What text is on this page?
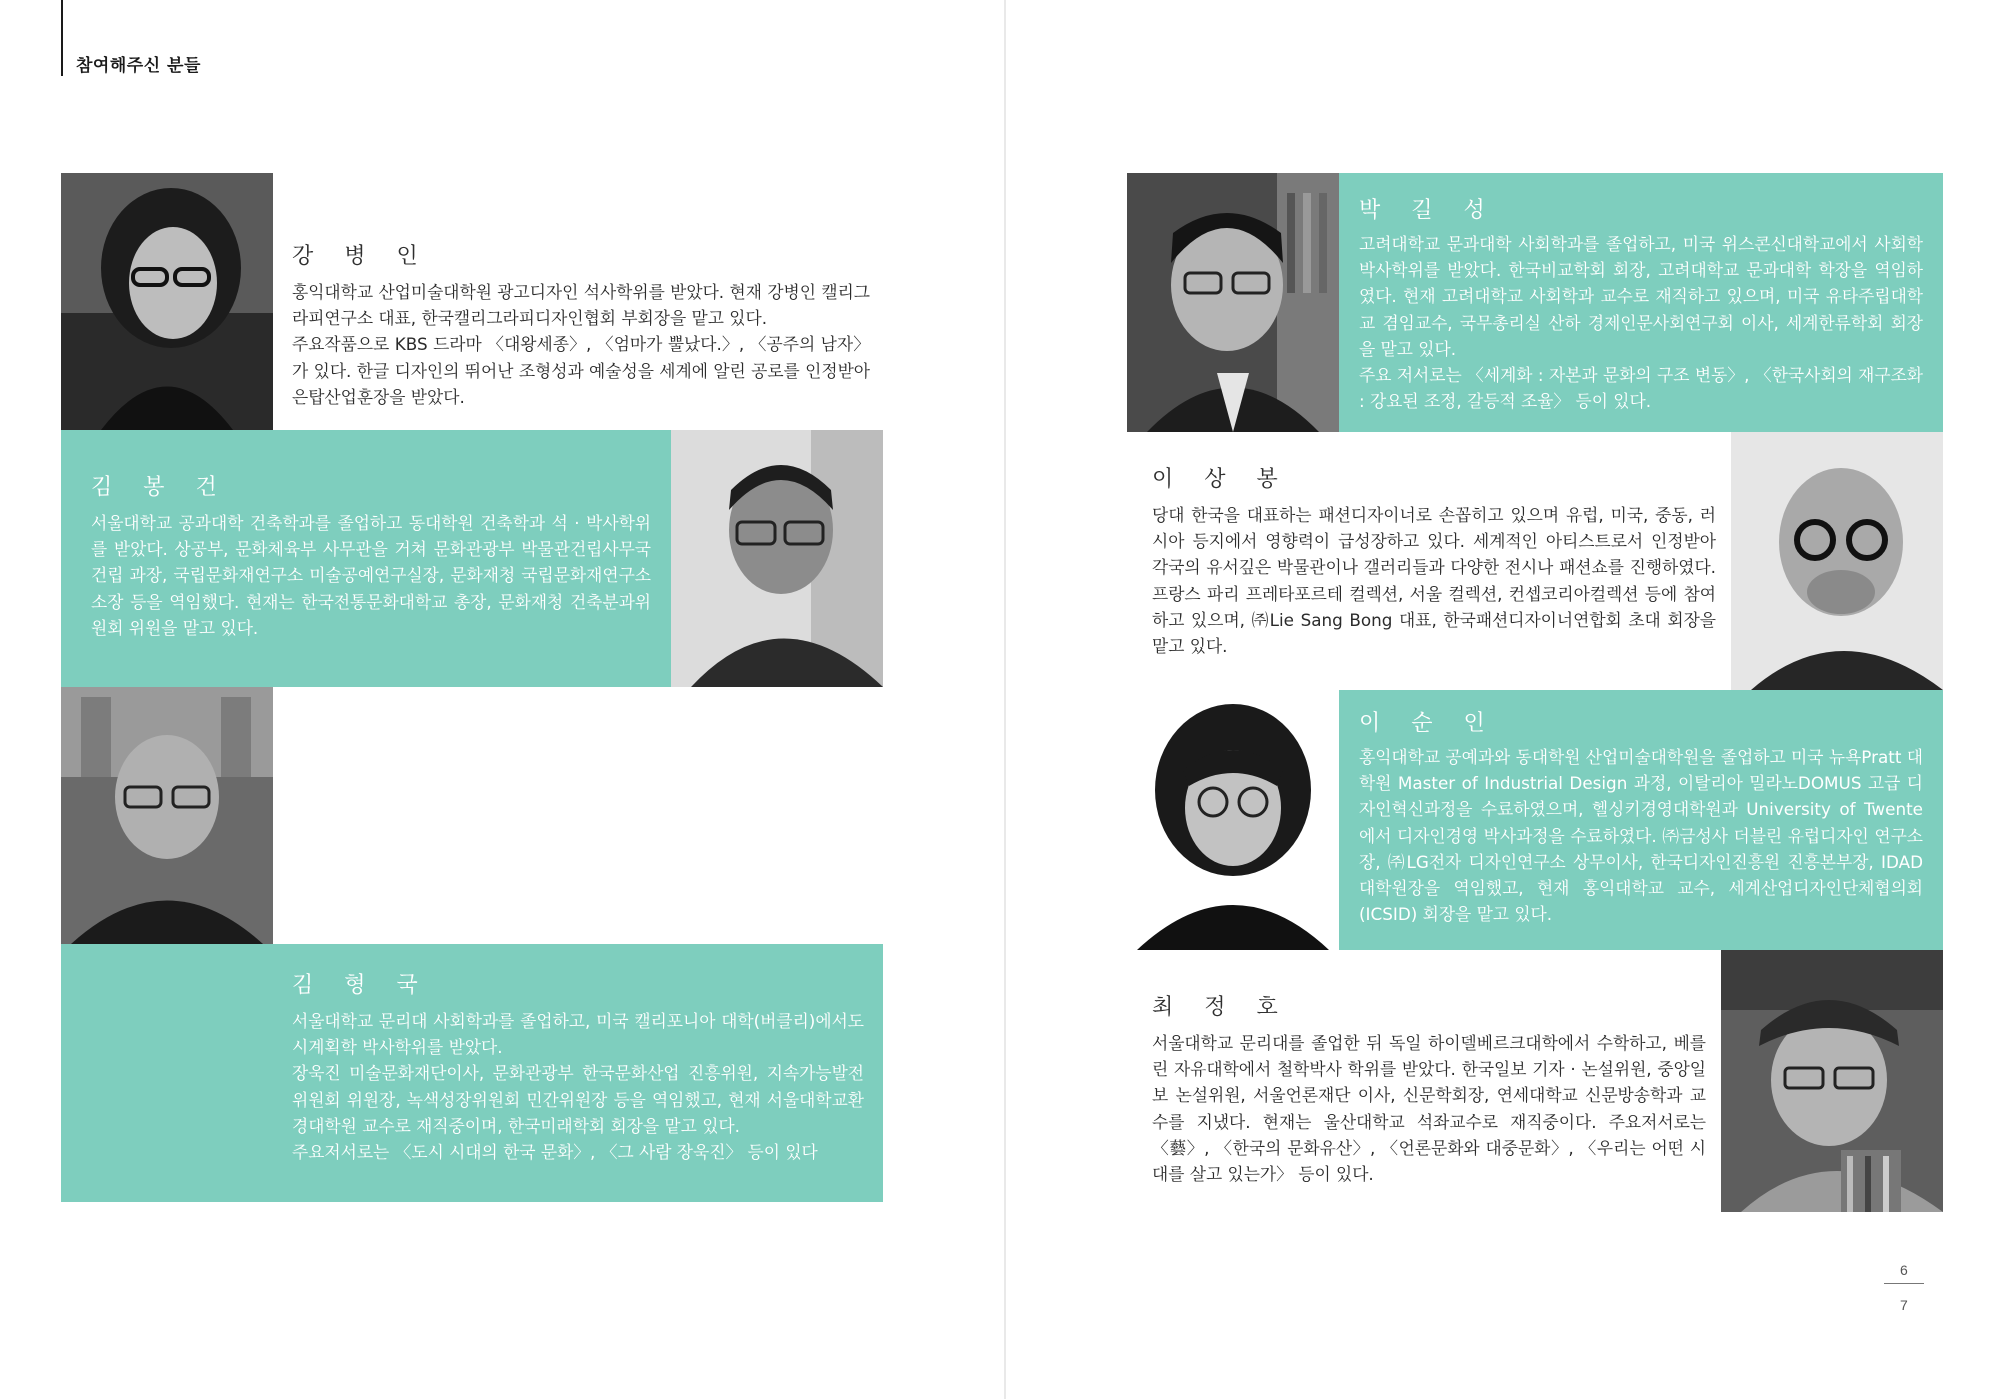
참여해주신 분들
강 병 인

홍익대학교 산업미술대학원 광고디자인 석사학위를 받았다. 현재 강병인 캘리그라피연구소 대표, 한국캘리그라피디자인협회 부회장을 맡고 있다.

주요작품으로 KBS 드라마 〈대왕세종〉, 〈엄마가 뿔났다.〉, 〈공주의 남자〉가 있다. 한글 디자인의 뛰어난 조형성과 예술성을 세계에 알린 공로를 인정받아 은탑산업훈장을 받았다.

김 봉 건

서울대학교 공과대학 건축학과를 졸업하고 동대학원 건축학과 석 · 박사학위를 받았다. 상공부, 문화체육부 사무관을 거쳐 문화관광부 박물관건립사무국 건립 과장, 국립문화재연구소 미술공예연구실장, 문화재청 국립문화재연구소 소장 등을 역임했다. 현재는 한국전통문화대학교 총장, 문화재청 건축분과위원회 위원을 맡고 있다.

김 형 국

서울대학교 문리대 사회학과를 졸업하고, 미국 캘리포니아 대학(버클리)에서도시계획학 박사학위를 받았다.

장욱진 미술문화재단이사, 문화관광부 한국문화산업 진흥위원, 지속가능발전위원회 위원장, 녹색성장위원회 민간위원장 등을 역임했고, 현재 서울대학교환경대학원 교수로 재직중이며, 한국미래학회 회장을 맡고 있다.

주요저서로는 〈도시 시대의 한국 문화〉, 〈그 사람 장욱진〉 등이 있다

박 길 성

고려대학교 문과대학 사회학과를 졸업하고, 미국 위스콘신대학교에서 사회학박사학위를 받았다. 한국비교학회 회장, 고려대학교 문과대학 학장을 역임하였다. 현재 고려대학교 사회학과 교수로 재직하고 있으며, 미국 유타주립대학교 겸임교수, 국무총리실 산하 경제인문사회연구회 이사, 세계한류학회 회장을 맡고 있다.

주요 저서로는 〈세계화 : 자본과 문화의 구조 변동〉, 〈한국사회의 재구조화 : 강요된 조정, 갈등적 조율〉 등이 있다.

이 상 봉

당대 한국을 대표하는 패션디자이너로 손꼽히고 있으며 유럽, 미국, 중동, 러시아 등지에서 영향력이 급성장하고 있다. 세계적인 아티스트로서 인정받아 각국의 유서깊은 박물관이나 갤러리들과 다양한 전시나 패션쇼를 진행하였다. 프랑스 파리 프레타포르테 컬렉션, 서울 컬렉션, 컨셉코리아컬렉션 등에 참여하고 있으며, ㈜Lie Sang Bong 대표, 한국패션디자이너연합회 초대 회장을 맡고 있다.

이 순 인

홍익대학교 공예과와 동대학원 산업미술대학원을 졸업하고 미국 뉴욕Pratt 대학원 Master of Industrial Design 과정, 이탈리아 밀라노DOMUS 고급 디자인혁신과정을 수료하였으며, 헬싱키경영대학원과 University of Twente에서 디자인경영 박사과정을 수료하였다. ㈜금성사 더블린 유럽디자인 연구소장, ㈜LG전자 디자인연구소 상무이사, 한국디자인진흥원 진흥본부장, IDAD 대학원장을 역임했고, 현재 홍익대학교 교수, 세계산업디자인단체협의회(ICSID) 회장을 맡고 있다.

최 정 호

서울대학교 문리대를 졸업한 뒤 독일 하이델베르크대학에서 수학하고, 베를린 자유대학에서 철학박사 학위를 받았다. 한국일보 기자 · 논설위원, 중앙일보 논설위원, 서울언론재단 이사, 신문학회장, 연세대학교 신문방송학과 교수를 지냈다. 현재는 울산대학교 석좌교수로 재직중이다. 주요저서로는 〈藝〉, 〈한국의 문화유산〉, 〈언론문화와 대중문화〉, 〈우리는 어떤 시대를 살고 있는가〉 등이 있다.

6
7
